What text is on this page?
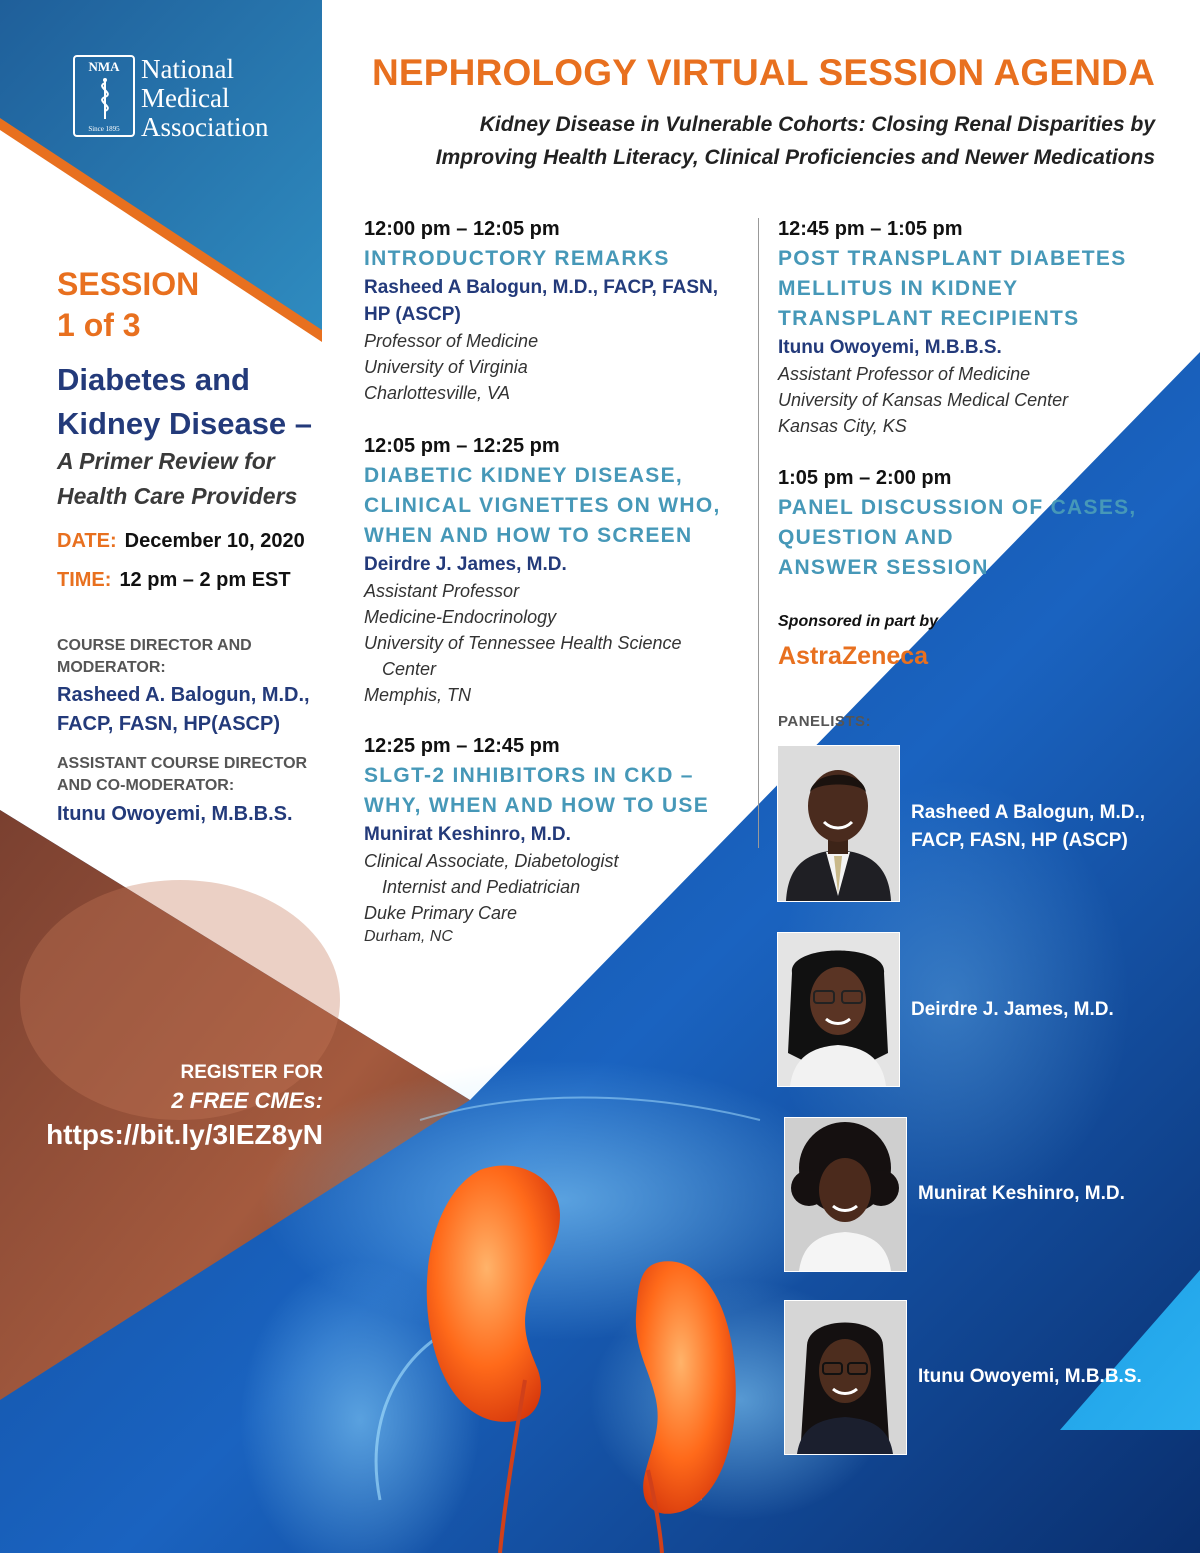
NMA
Since 1895
National
Medical
Association
NEPHROLOGY VIRTUAL SESSION AGENDA
Kidney Disease in Vulnerable Cohorts: Closing Renal Disparities by
Improving Health Literacy, Clinical Proficiencies and Newer Medications
SESSION
1 of 3
Diabetes and
Kidney Disease –
A Primer Review for
Health Care Providers
DATE: December 10, 2020
TIME: 12 pm – 2 pm EST
COURSE DIRECTOR AND
MODERATOR:
Rasheed A. Balogun, M.D.,
FACP, FASN, HP(ASCP)
ASSISTANT COURSE DIRECTOR
AND CO-MODERATOR:
Itunu Owoyemi, M.B.B.S.
REGISTER FOR
2 FREE CMEs:
https://bit.ly/3IEZ8yN
12:00 pm – 12:05 pm
INTRODUCTORY REMARKS
Rasheed A Balogun, M.D., FACP, FASN,
HP (ASCP)
Professor of Medicine
University of Virginia
Charlottesville, VA
12:05 pm – 12:25 pm
DIABETIC KIDNEY DISEASE,
CLINICAL VIGNETTES ON WHO,
WHEN AND HOW TO SCREEN
Deirdre J. James, M.D.
Assistant Professor
Medicine-Endocrinology
University of Tennessee Health Science
Center
Memphis, TN
12:25 pm – 12:45 pm
SLGT-2 INHIBITORS IN CKD –
WHY, WHEN AND HOW TO USE
Munirat Keshinro, M.D.
Clinical Associate, Diabetologist
Internist and Pediatrician
Duke Primary Care
Durham, NC
12:45 pm – 1:05 pm
POST TRANSPLANT DIABETES
MELLITUS IN KIDNEY
TRANSPLANT RECIPIENTS
Itunu Owoyemi, M.B.B.S.
Assistant Professor of Medicine
University of Kansas Medical Center
Kansas City, KS
1:05 pm – 2:00 pm
PANEL DISCUSSION OF CASES,
QUESTION AND
ANSWER SESSION
Sponsored in part by
AstraZeneca
PANELISTS:
Rasheed A Balogun, M.D.,
FACP, FASN, HP (ASCP)
Deirdre J. James, M.D.
Munirat Keshinro, M.D.
Itunu Owoyemi, M.B.B.S.
